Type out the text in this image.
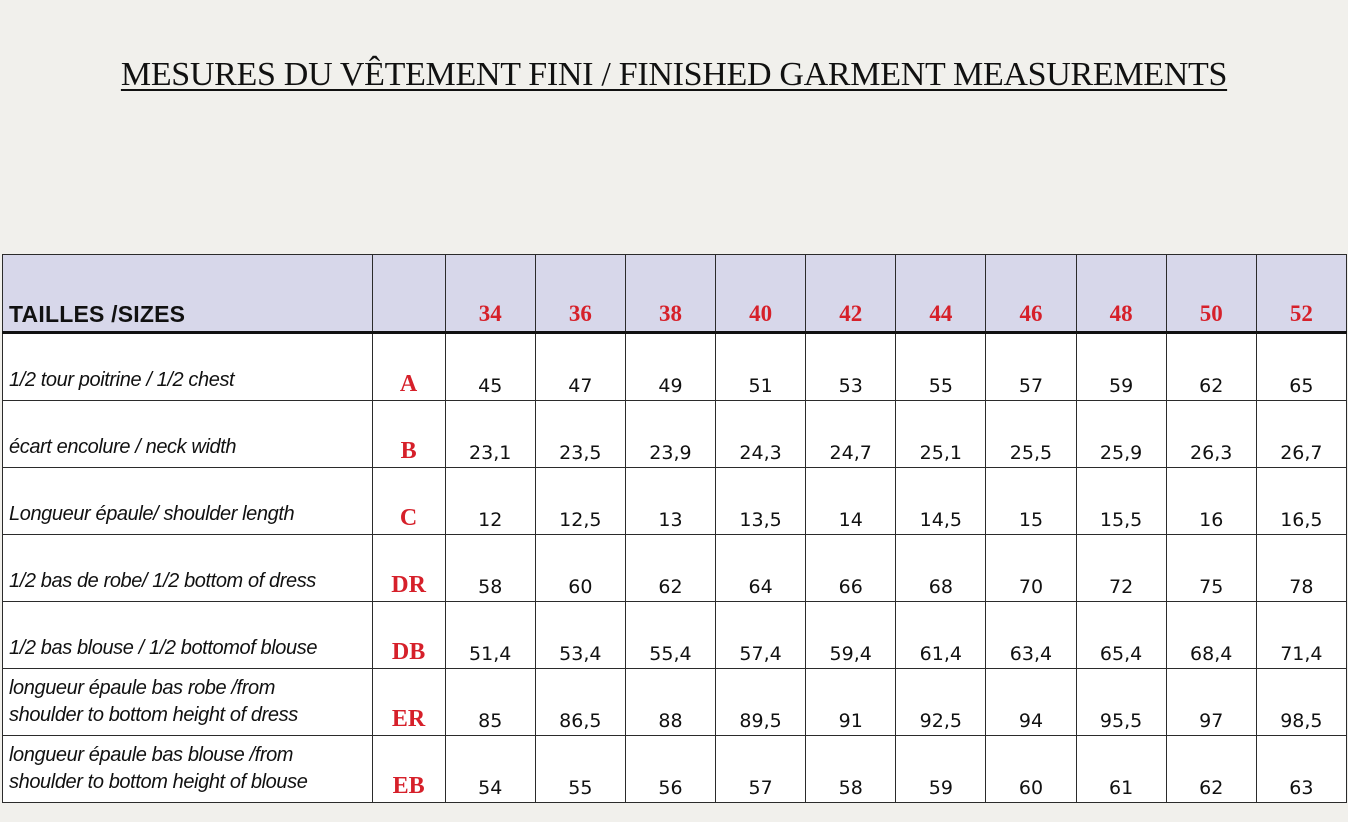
MESURES DU VÊTEMENT FINI / FINISHED GARMENT MEASUREMENTS
TAILLES /SIZES		34	36	38	40	42	44	46	48	50	52

1/2 tour poitrine / 1/2 chest	A	45	47	49	51	53	55	57	59	62	65

écart encolure / neck width	B	23,1	23,5	23,9	24,3	24,7	25,1	25,5	25,9	26,3	26,7

Longueur épaule/ shoulder length	C	12	12,5	13	13,5	14	14,5	15	15,5	16	16,5

1/2 bas de robe/ 1/2 bottom of dress	DR	58	60	62	64	66	68	70	72	75	78

1/2 bas blouse / 1/2 bottomof blouse	DB	51,4	53,4	55,4	57,4	59,4	61,4	63,4	65,4	68,4	71,4

longueur épaule bas robe /from
shoulder to bottom height of dress	ER	85	86,5	88	89,5	91	92,5	94	95,5	97	98,5

longueur épaule bas blouse /from
shoulder to bottom height of blouse	EB	54	55	56	57	58	59	60	61	62	63
